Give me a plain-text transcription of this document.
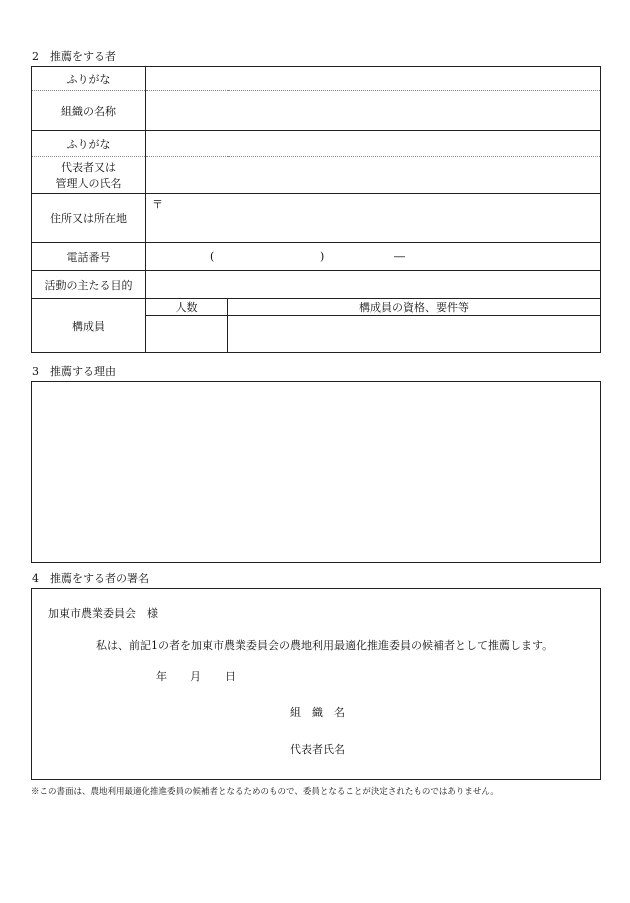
2　推薦をする者
ふりがな		
組織の名称		
ふりがな		

代表者又は
管理人の氏名		

住所又は所在地	〒	

電話番号	( ) ―	

活動の主たる目的		
構成員	人数	構成員の資格、要件等

3　推薦する理由
4　推薦をする者の署名
加東市農業委員会　様
私は、前記1の者を加東市農業委員会の農地利用最適化推進委員の候補者として推薦します。
年 月 日
組　織　名
代表者氏名
※この書面は、農地利用最適化推進委員の候補者となるためのもので、委員となることが決定されたものではありません。
